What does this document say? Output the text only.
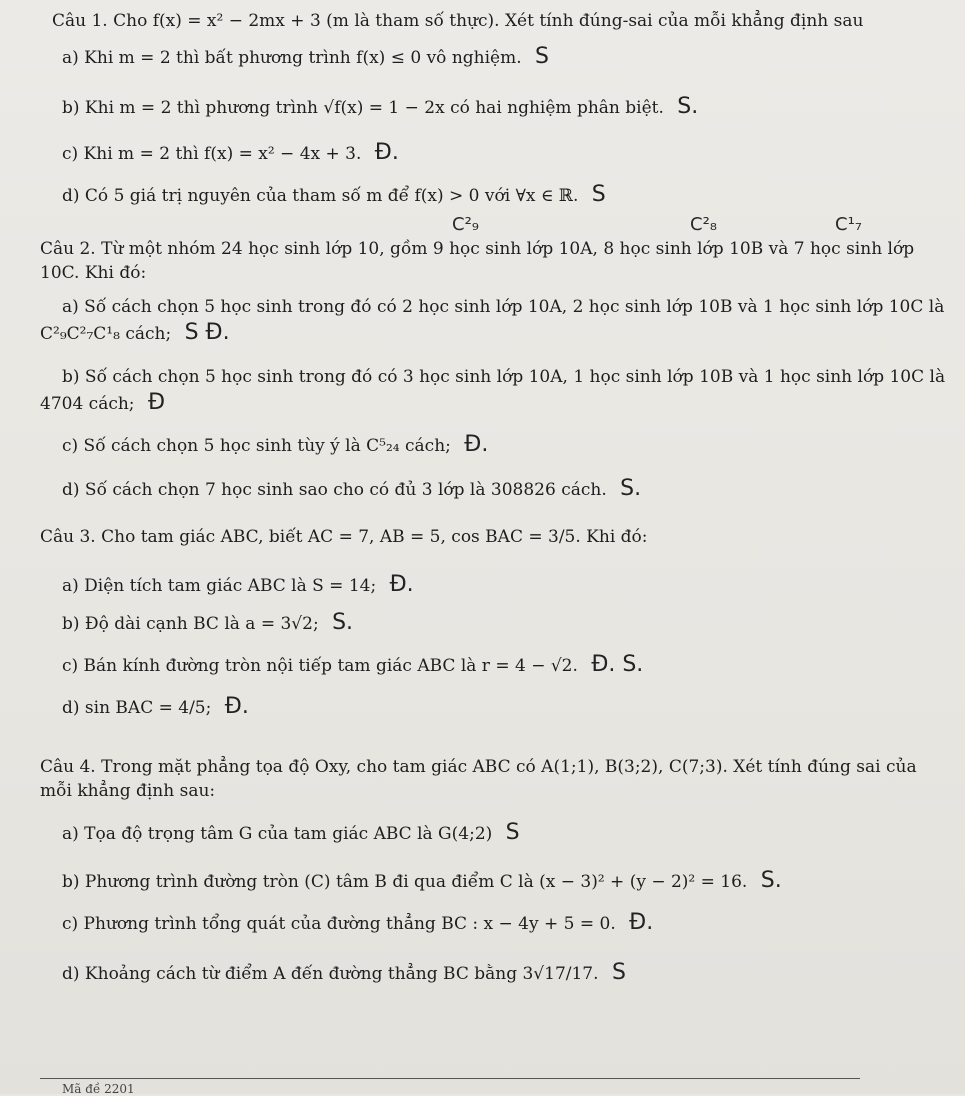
Câu 1. Cho f(x) = x² − 2mx + 3 (m là tham số thực). Xét tính đúng-sai của mỗi khẳng định sau
a) Khi m = 2 thì bất phương trình f(x) ≤ 0 vô nghiệm. S
b) Khi m = 2 thì phương trình √f(x) = 1 − 2x có hai nghiệm phân biệt. S.
c) Khi m = 2 thì f(x) = x² − 4x + 3. Đ.
d) Có 5 giá trị nguyên của tham số m để f(x) > 0 với ∀x ∈ ℝ. S
C²₉	C²₈	C¹₇
Câu 2. Từ một nhóm 24 học sinh lớp 10, gồm 9 học sinh lớp 10A, 8 học sinh lớp 10B và 7 học sinh lớp
10C. Khi đó:
a) Số cách chọn 5 học sinh trong đó có 2 học sinh lớp 10A, 2 học sinh lớp 10B và 1 học sinh lớp 10C là
C²₉C²₇C¹₈ cách; S Đ.
b) Số cách chọn 5 học sinh trong đó có 3 học sinh lớp 10A, 1 học sinh lớp 10B và 1 học sinh lớp 10C là
4704 cách; Đ
c) Số cách chọn 5 học sinh tùy ý là C⁵₂₄ cách; Đ.
d) Số cách chọn 7 học sinh sao cho có đủ 3 lớp là 308826 cách. S.
Câu 3. Cho tam giác ABC, biết AC = 7, AB = 5, cos BAC = 3/5. Khi đó:
a) Diện tích tam giác ABC là S = 14; Đ.
b) Độ dài cạnh BC là a = 3√2; S.
c) Bán kính đường tròn nội tiếp tam giác ABC là r = 4 − √2. Đ. S.
d) sin BAC = 4/5; Đ.
Câu 4. Trong mặt phẳng tọa độ Oxy, cho tam giác ABC có A(1;1), B(3;2), C(7;3). Xét tính đúng sai của
mỗi khẳng định sau:
a) Tọa độ trọng tâm G của tam giác ABC là G(4;2) S
b) Phương trình đường tròn (C) tâm B đi qua điểm C là (x − 3)² + (y − 2)² = 16. S.
c) Phương trình tổng quát của đường thẳng BC : x − 4y + 5 = 0. Đ.
d) Khoảng cách từ điểm A đến đường thẳng BC bằng 3√17/17. S
Mã đề 2201
